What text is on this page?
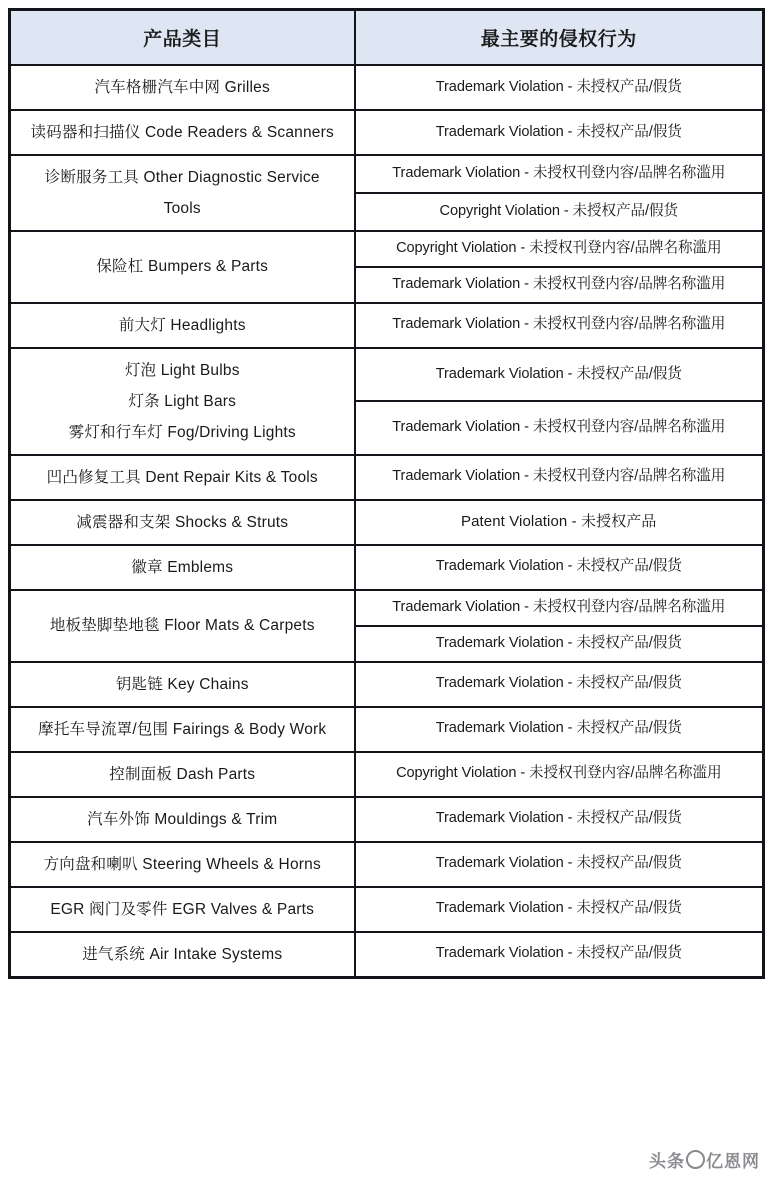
产品类目	最主要的侵权行为

汽车格栅汽车中网 Grilles	Trademark Violation - 未授权产品/假货

读码器和扫描仪 Code Readers & Scanners	Trademark Violation - 未授权产品/假货

诊断服务工具 Other Diagnostic Service
Tools	Trademark Violation - 未授权刊登内容/品牌名称滥用
	Copyright Violation - 未授权产品/假货

保险杠 Bumpers & Parts	Copyright Violation - 未授权刊登内容/品牌名称滥用
	Trademark Violation - 未授权刊登内容/品牌名称滥用

前大灯 Headlights	Trademark Violation - 未授权刊登内容/品牌名称滥用

灯泡 Light Bulbs
灯条 Light Bars
雾灯和行车灯 Fog/Driving Lights	Trademark Violation - 未授权产品/假货
	Trademark Violation - 未授权刊登内容/品牌名称滥用

凹凸修复工具 Dent Repair Kits & Tools	Trademark Violation - 未授权刊登内容/品牌名称滥用

减震器和支架 Shocks & Struts	Patent Violation - 未授权产品

徽章 Emblems	Trademark Violation - 未授权产品/假货

地板垫脚垫地毯 Floor Mats & Carpets	Trademark Violation - 未授权刊登内容/品牌名称滥用
	Trademark Violation - 未授权产品/假货

钥匙链 Key Chains	Trademark Violation - 未授权产品/假货

摩托车导流罩/包围 Fairings & Body Work	Trademark Violation - 未授权产品/假货

控制面板 Dash Parts	Copyright Violation - 未授权刊登内容/品牌名称滥用

汽车外饰 Mouldings & Trim	Trademark Violation - 未授权产品/假货

方向盘和喇叭 Steering Wheels & Horns	Trademark Violation - 未授权产品/假货

EGR 阀门及零件 EGR Valves & Parts	Trademark Violation - 未授权产品/假货

进气系统 Air Intake Systems	Trademark Violation - 未授权产品/假货
头条 亿恩网
